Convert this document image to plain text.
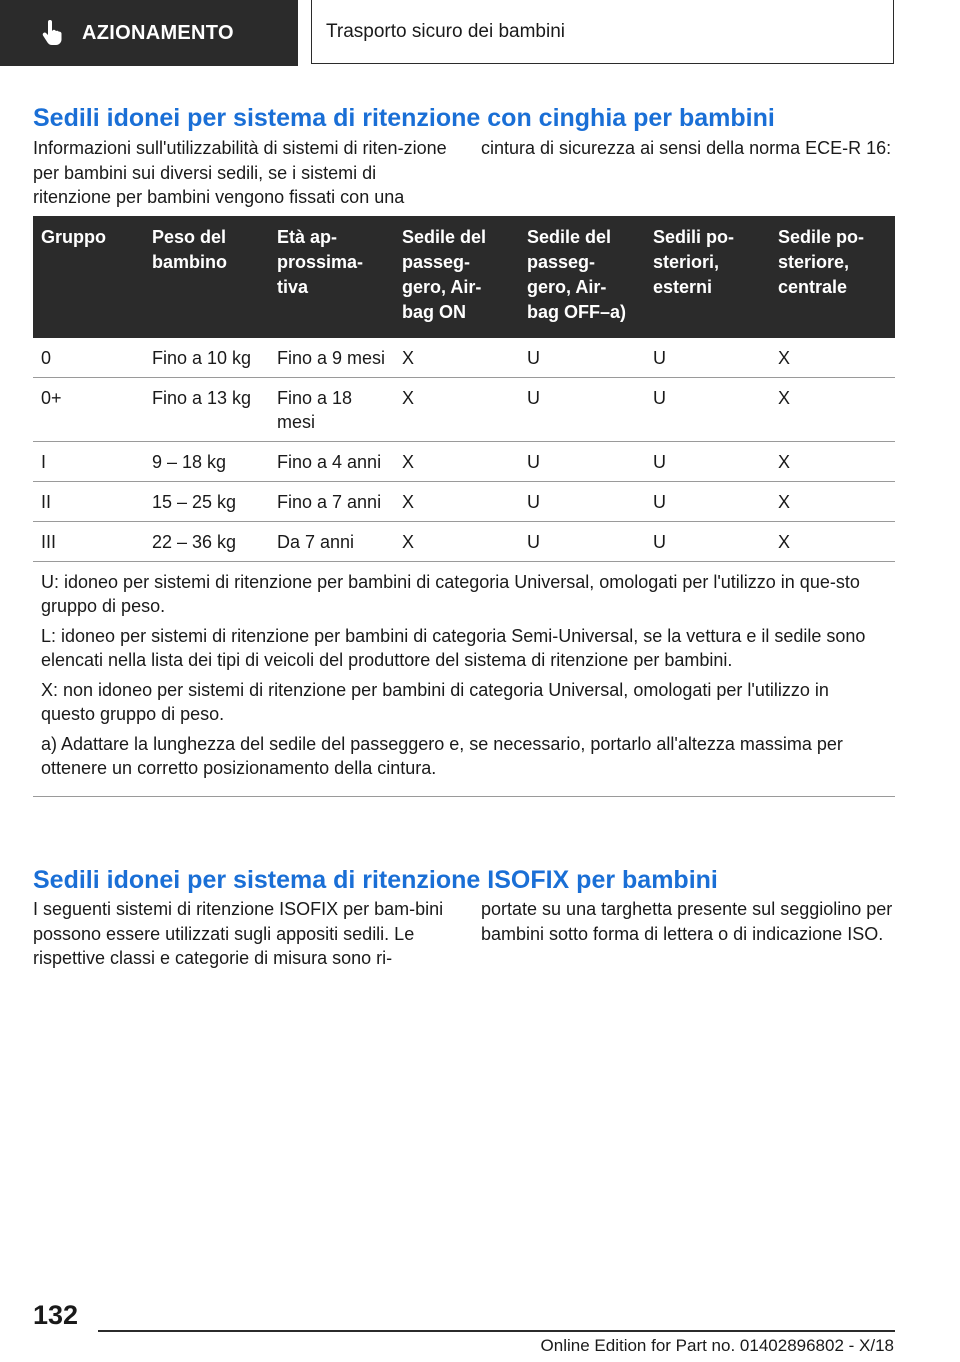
AZIONAMENTO	Trasporto sicuro dei bambini
Sedili idonei per sistema di ritenzione con cinghia per bambini

Informazioni sull'utilizzabilità di sistemi di riten-zione per bambini sui diversi sedili, se i sistemi di ritenzione per bambini vengono fissati con una

cintura di sicurezza ai sensi della norma ECE-R 16:

Gruppo	Peso del bambino	Età ap-prossima-tiva	Sedile del passeg-gero, Air-bag ON	Sedile del passeg-gero, Air-bag OFF–a)	Sedili po-steriori, esterni	Sedile po-steriore, centrale
0	Fino a 10 kg	Fino a 9 mesi	X	U	U	X
0+	Fino a 13 kg	Fino a 18 mesi	X	U	U	X
I	9 – 18 kg	Fino a 4 anni	X	U	U	X
II	15 – 25 kg	Fino a 7 anni	X	U	U	X
III	22 – 36 kg	Da 7 anni	X	U	U	X

U: idoneo per sistemi di ritenzione per bambini di categoria Universal, omologati per l'utilizzo in que-sto gruppo di peso.

L: idoneo per sistemi di ritenzione per bambini di categoria Semi-Universal, se la vettura e il sedile sono elencati nella lista dei tipi di veicoli del produttore del sistema di ritenzione per bambini.

X: non idoneo per sistemi di ritenzione per bambini di categoria Universal, omologati per l'utilizzo in questo gruppo di peso.

a) Adattare la lunghezza del sedile del passeggero e, se necessario, portarlo all'altezza massima per ottenere un corretto posizionamento della cintura.						

Sedili idonei per sistema di ritenzione ISOFIX per bambini

I seguenti sistemi di ritenzione ISOFIX per bam-bini possono essere utilizzati sugli appositi sedili. Le rispettive classi e categorie di misura sono ri-

portate su una targhetta presente sul seggiolino per bambini sotto forma di lettera o di indicazione ISO.

132
Online Edition for Part no. 01402896802 - X/18
